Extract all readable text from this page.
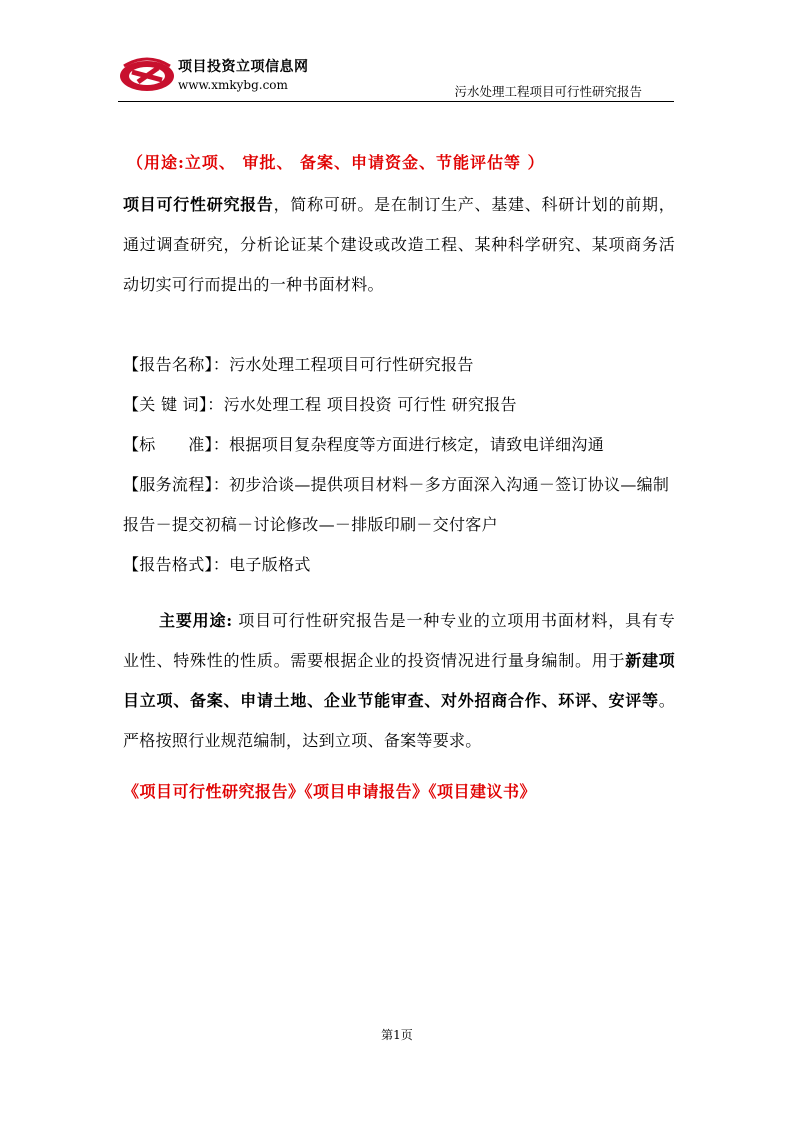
项目投资立项信息网
www.xmkybg.com	污水处理工程项目可行性研究报告

（用途:立项、 审批、 备案、申请资金、节能评估等 ）

项目可行性研究报告，简称可研。是在制订生产、基建、科研计划的前期，通过调查研究，分析论证某个建设或改造工程、某种科学研究、某项商务活动切实可行而提出的一种书面材料。

【报告名称】：污水处理工程项目可行性研究报告

【关 键 词】：污水处理工程 项目投资 可行性 研究报告

【标　　准】：根据项目复杂程度等方面进行核定，请致电详细沟通

【服务流程】：初步洽谈—提供项目材料－多方面深入沟通－签订协议—编制报告－提交初稿－讨论修改—－排版印刷－交付客户

【报告格式】：电子版格式

主要用途: 项目可行性研究报告是一种专业的立项用书面材料，具有专业性、特殊性的性质。需要根据企业的投资情况进行量身编制。用于新建项目立项、备案、申请土地、企业节能审查、对外招商合作、环评、安评等。 严格按照行业规范编制，达到立项、备案等要求。

《项目可行性研究报告》《项目申请报告》《项目建议书》

第1页
